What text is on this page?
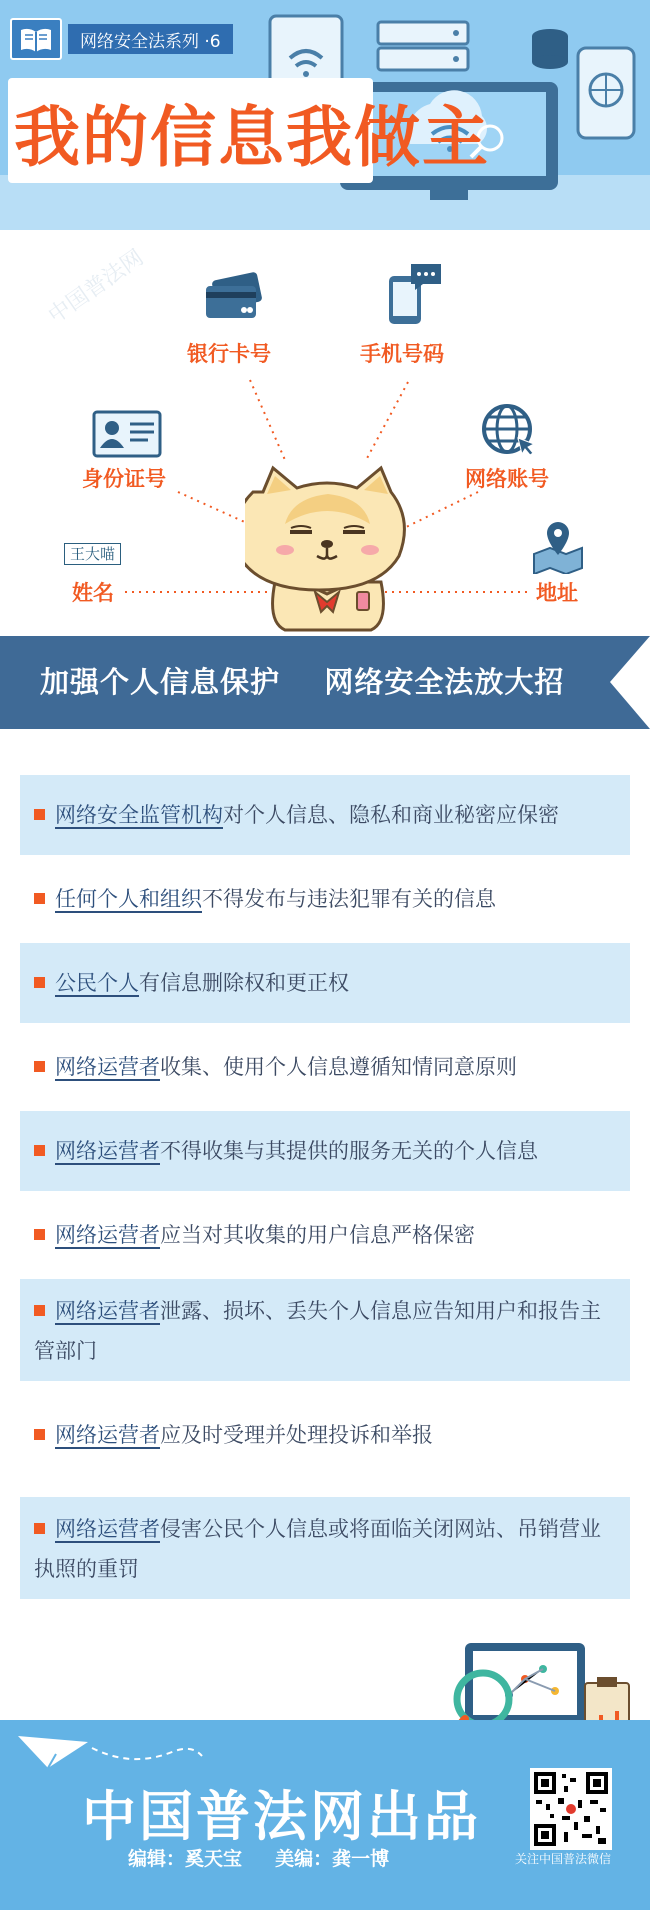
网络安全法系列 ·6
我的信息我做主
银行卡号	手机号码
身份证号	网络账号
地址
王大喵
姓名
中国普法网
加强个人信息保护    网络安全法放大招
网络安全监管机构对个人信息、隐私和商业秘密应保密
任何个人和组织不得发布与违法犯罪有关的信息
公民个人有信息删除权和更正权
网络运营者收集、使用个人信息遵循知情同意原则
网络运营者不得收集与其提供的服务无关的个人信息
网络运营者应当对其收集的用户信息严格保密
网络运营者泄露、损坏、丢失个人信息应告知用户和报告主管部门
网络运营者应及时受理并处理投诉和举报
网络运营者侵害公民个人信息或将面临关闭网站、吊销营业执照的重罚
中国普法网出品
编辑：奚天宝     美编：龚一博	关注中国普法微信
